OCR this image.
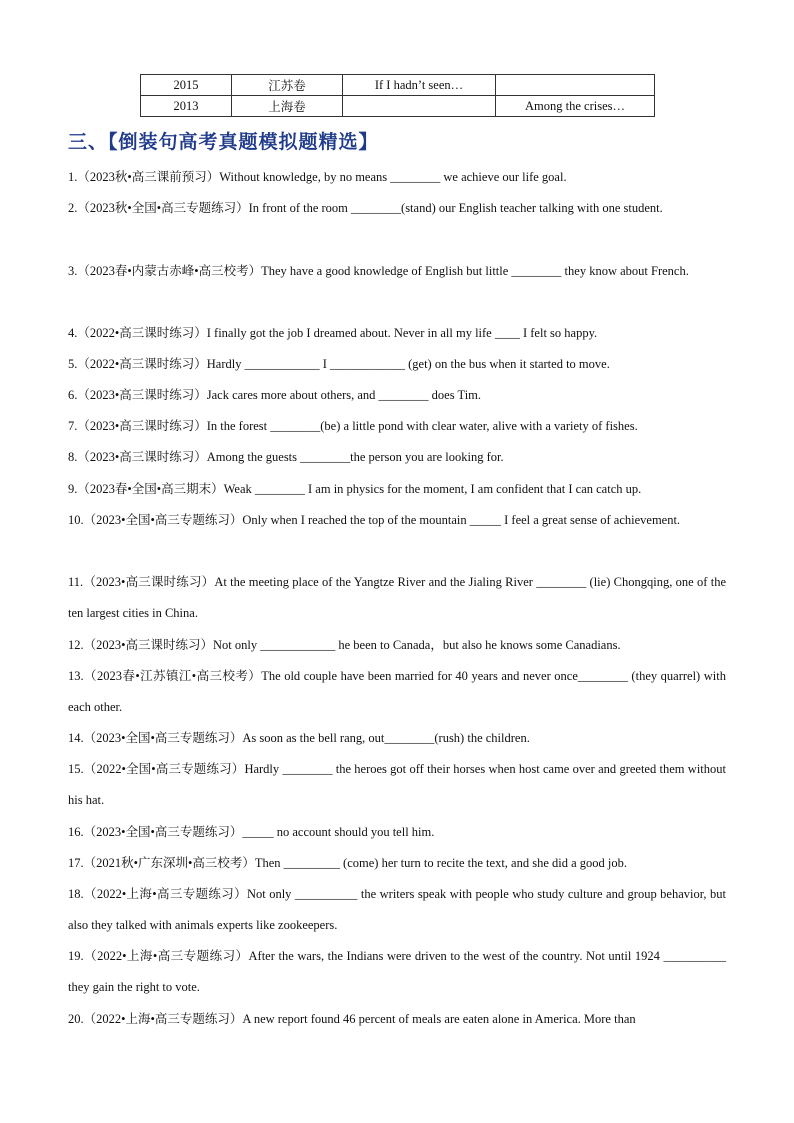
2015	江苏卷	If I hadn’t seen…	
2013	上海卷		Among the crises…
三、【倒装句高考真题模拟题精选】
1.（2023秋•高三课前预习）Without knowledge, by no means ________ we achieve our life goal.
2.（2023秋•全国•高三专题练习）In front of the room ________(stand) our English teacher talking with one student.
3.（2023春•内蒙古赤峰•高三校考）They have a good knowledge of English but little ________ they know about French.
4.（2022•高三课时练习）I finally got the job I dreamed about. Never in all my life ____ I felt so happy.
5.（2022•高三课时练习）Hardly ____________ I ____________ (get) on the bus when it started to move.
6.（2023•高三课时练习）Jack cares more about others, and ________ does Tim.
7.（2023•高三课时练习）In the forest ________(be) a little pond with clear water, alive with a variety of fishes.
8.（2023•高三课时练习）Among the guests ________the person you are looking for.
9.（2023春•全国•高三期末）Weak ________ I am in physics for the moment, I am confident that I can catch up.
10.（2023•全国•高三专题练习）Only when I reached the top of the mountain _____ I feel a great sense of achievement.
11.（2023•高三课时练习）At the meeting place of the Yangtze River and the Jialing River ________ (lie) Chongqing, one of the ten largest cities in China.
12.（2023•高三课时练习）Not only ____________ he been to Canada，but also he knows some Canadians.
13.（2023春•江苏镇江•高三校考）The old couple have been married for 40 years and never once________ (they quarrel) with each other.
14.（2023•全国•高三专题练习）As soon as the bell rang, out________(rush) the children.
15.（2022•全国•高三专题练习）Hardly ________ the heroes got off their horses when host came over and greeted them without his hat.
16.（2023•全国•高三专题练习）_____ no account should you tell him.
17.（2021秋•广东深圳•高三校考）Then _________ (come) her turn to recite the text, and she did a good job.
18.（2022•上海•高三专题练习）Not only __________ the writers speak with people who study culture and group behavior, but also they talked with animals experts like zookeepers.
19.（2022•上海•高三专题练习）After the wars, the Indians were driven to the west of the country. Not until 1924 __________ they gain the right to vote.
20.（2022•上海•高三专题练习）A new report found 46 percent of meals are eaten alone in America. More than
